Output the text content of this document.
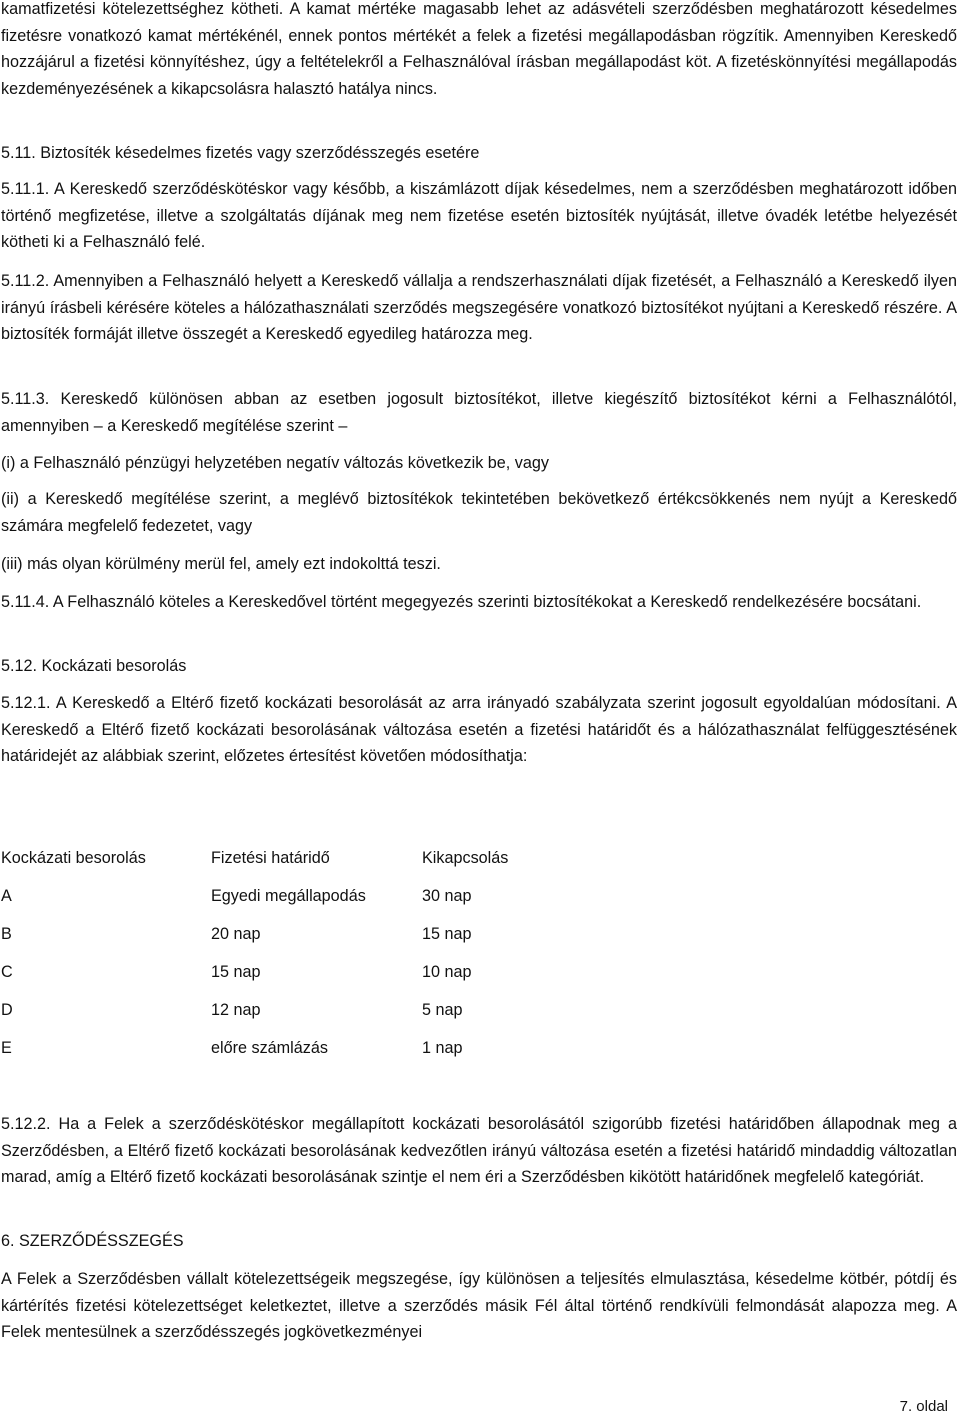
kamatfizetési kötelezettséghez kötheti. A kamat mértéke magasabb lehet az adásvételi szerződésben meghatározott késedelmes fizetésre vonatkozó kamat mértékénél, ennek pontos mértékét a felek a fizetési megállapodásban rögzítik. Amennyiben Kereskedő hozzájárul a fizetési könnyítéshez, úgy a feltételekről a Felhasználóval írásban megállapodást köt. A fizetéskönnyítési megállapodás kezdeményezésének a kikapcsolásra halasztó hatálya nincs.

5.11. Biztosíték késedelmes fizetés vagy szerződésszegés esetére

5.11.1. A Kereskedő szerződéskötéskor vagy később, a kiszámlázott díjak késedelmes, nem a szerződésben meghatározott időben történő megfizetése, illetve a szolgáltatás díjának meg nem fizetése esetén biztosíték nyújtását, illetve óvadék letétbe helyezését kötheti ki a Felhasználó felé.

5.11.2. Amennyiben a Felhasználó helyett a Kereskedő vállalja a rendszerhasználati díjak fizetését, a Felhasználó a Kereskedő ilyen irányú írásbeli kérésére köteles a hálózathasználati szerződés megszegésére vonatkozó biztosítékot nyújtani a Kereskedő részére. A biztosíték formáját illetve összegét a Kereskedő egyedileg határozza meg.

5.11.3. Kereskedő különösen abban az esetben jogosult biztosítékot, illetve kiegészítő biztosítékot kérni a Felhasználótól, amennyiben – a Kereskedő megítélése szerint –

(i) a Felhasználó pénzügyi helyzetében negatív változás következik be, vagy

(ii) a Kereskedő megítélése szerint, a meglévő biztosítékok tekintetében bekövetkező értékcsökkenés nem nyújt a Kereskedő számára megfelelő fedezetet, vagy

(iii) más olyan körülmény merül fel, amely ezt indokolttá teszi.

5.11.4. A Felhasználó köteles a Kereskedővel történt megegyezés szerinti biztosítékokat a Kereskedő rendelkezésére bocsátani.

5.12. Kockázati besorolás

5.12.1. A Kereskedő a Eltérő fizető kockázati besorolását az arra irányadó szabályzata szerint jogosult egyoldalúan módosítani. A Kereskedő a Eltérő fizető kockázati besorolásának változása esetén a fizetési határidőt és a hálózathasználat felfüggesztésének határidejét az alábbiak szerint, előzetes értesítést követően módosíthatja:

Kockázati besorolás	Fizetési határidő	Kikapcsolás
A	Egyedi megállapodás	30 nap
B	20 nap	15 nap
C	15 nap	10 nap
D	12 nap	5 nap
E	előre számlázás	1 nap

5.12.2. Ha a Felek a szerződéskötéskor megállapított kockázati besorolásától szigorúbb fizetési határidőben állapodnak meg a Szerződésben, a Eltérő fizető kockázati besorolásának kedvezőtlen irányú változása esetén a fizetési határidő mindaddig változatlan marad, amíg a Eltérő fizető kockázati besorolásának szintje el nem éri a Szerződésben kikötött határidőnek megfelelő kategóriát.

6. SZERZŐDÉSSZEGÉS

A Felek a Szerződésben vállalt kötelezettségeik megszegése, így különösen a teljesítés elmulasztása, késedelme kötbér, pótdíj és kártérítés fizetési kötelezettséget keletkeztet, illetve a szerződés másik Fél által történő rendkívüli felmondását alapozza meg. A Felek mentesülnek a szerződésszegés jogkövetkezményei

7. oldal
